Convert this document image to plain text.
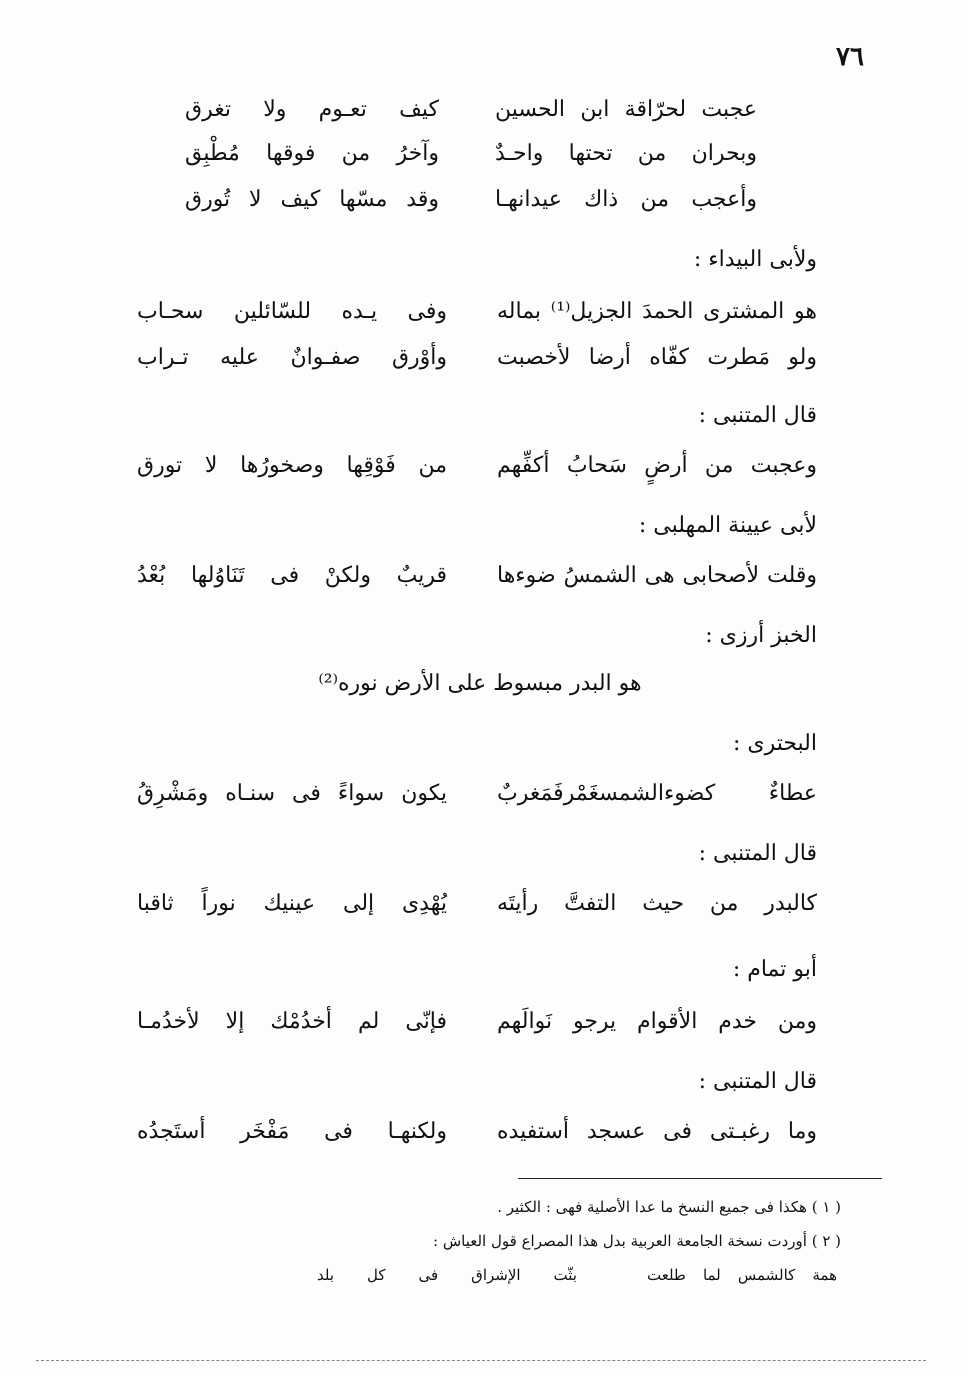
٧٦
عجبت لحرّاقة ابن الحسين
كيف تعـوم ولا تغرق
وبحران من تحتها واحـدٌ
وآخرُ من فوقها مُطْبِق
وأعجب من ذاك عيدانهـا
وقد مسّها كيف لا تُورق
ولأبى البيداء :
هو المشترى الحمدَ الجزيل⁽¹⁾ بماله
وفى يـده للسّائلين سحـاب
ولو مَطرت كفّاه أرضا لأخصبت
وأوْرق صفـوانٌ عليه تـراب
قال المتنبى :
وعجبت من أرضٍ سَحابُ أكفِّهم
من فَوْقِها وصخورُها لا تورق
لأبى عيينة المهلبى :
وقلت لأصحابى هى الشمسُ ضوءها
قريبٌ ولكنْ فى تَنَاوُلها بُعْدُ
الخبز أرزى :
هو البدر مبسوط على الأرض نوره⁽²⁾
البحترى :
عطاءٌ كضوءالشمسغَمْرفَمَغربٌ
يكون سواءً فى سنـاه ومَشْرِقُ
قال المتنبى :
كالبدر من حيث التفتَّ رأيتَه
يُهْدِى إلى عينيك نوراً ثاقبا
أبو تمام :
ومن خدم الأقوام يرجو نَوالَهم
فإنّى لم أخدُمْك إلا لأخدُمـا
قال المتنبى :
وما رغبـتى فى عسجد أستفيده
ولكنهـا فى مَفْخَر أستَجدُه
( ١ ) هكذا فى جميع النسخ ما عدا الأصلية فهى : الكثير .
( ٢ ) أوردت نسخة الجامعة العربية بدل هذا المصراع قول العياش :
همة كالشمس لما طلعت
بثّت الإشراق فى كل بلد
